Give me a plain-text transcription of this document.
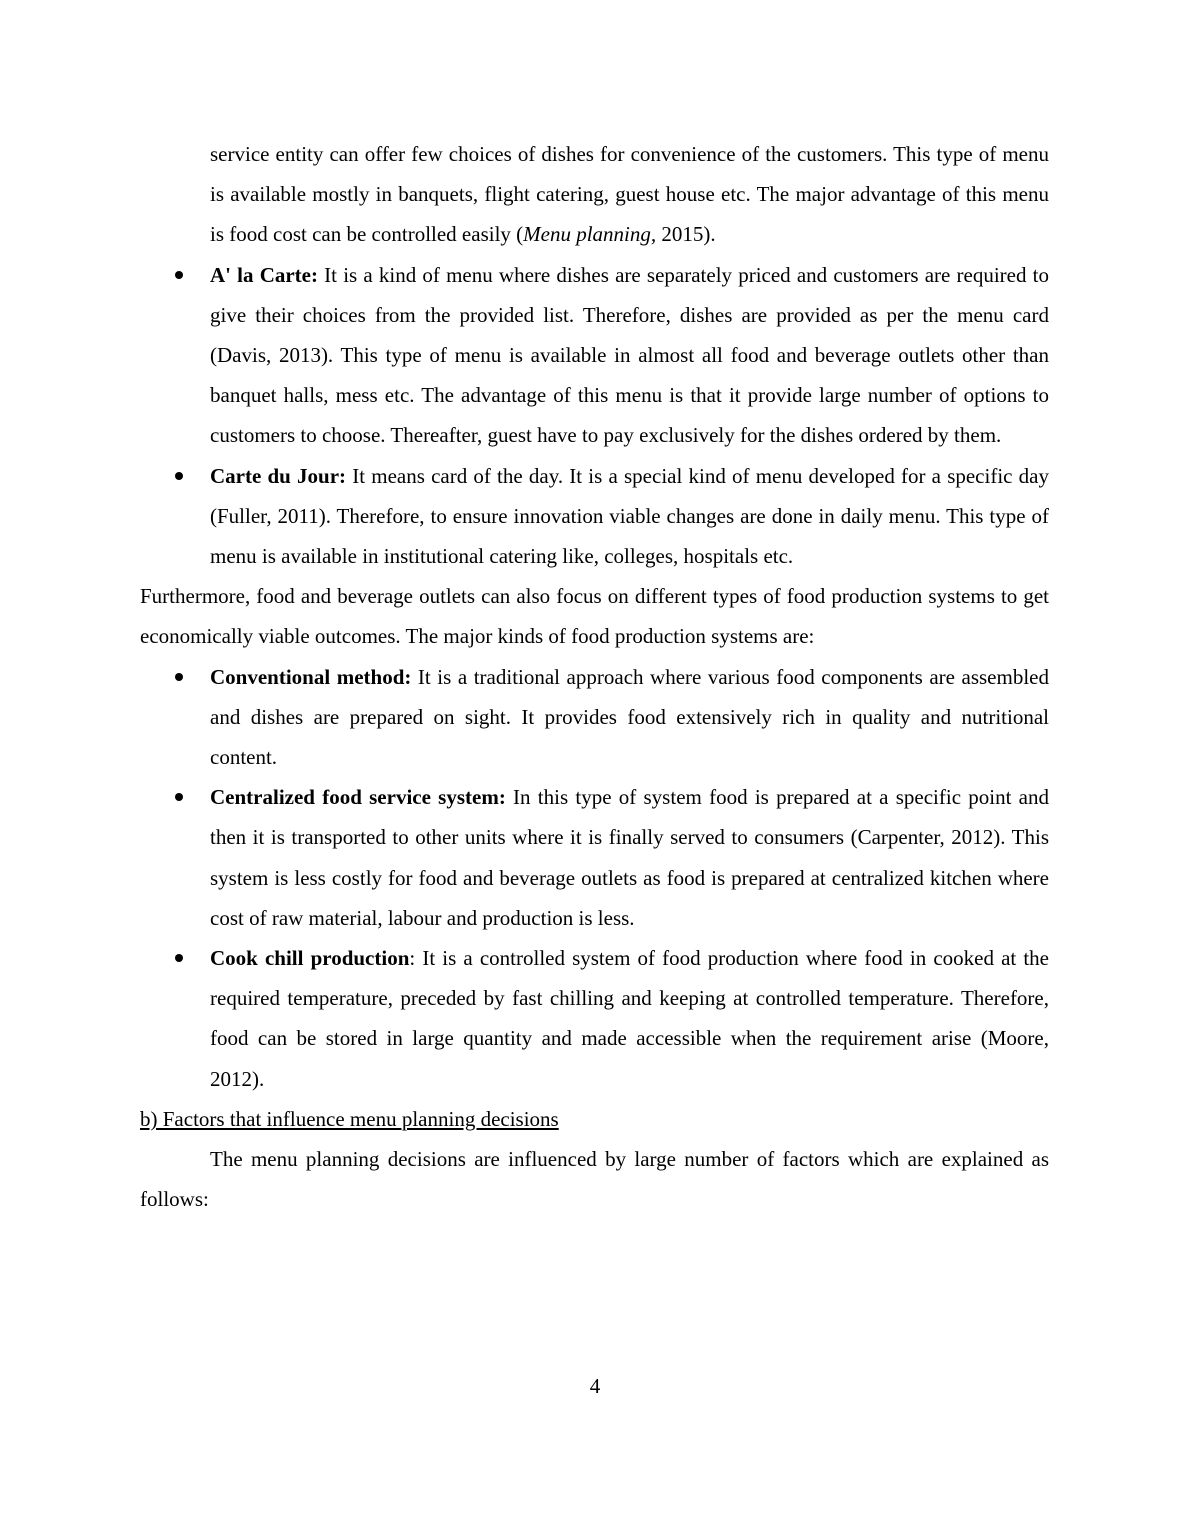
service entity can offer few choices of dishes for convenience of the customers. This type of menu is available mostly in banquets, flight catering, guest house etc. The major advantage of this menu is food cost can be controlled easily (Menu planning, 2015).

A' la Carte: It is a kind of menu where dishes are separately priced and customers are required to give their choices from the provided list. Therefore, dishes are provided as per the menu card (Davis, 2013). This type of menu is available in almost all food and beverage outlets other than banquet halls, mess etc. The advantage of this menu is that it provide large number of options to customers to choose. Thereafter, guest have to pay exclusively for the dishes ordered by them.
Carte du Jour: It means card of the day. It is a special kind of menu developed for a specific day (Fuller, 2011). Therefore, to ensure innovation viable changes are done in daily menu. This type of menu is available in institutional catering like, colleges, hospitals etc.

Furthermore, food and beverage outlets can also focus on different types of food production systems to get economically viable outcomes. The major kinds of food production systems are:

Conventional method: It is a traditional approach where various food components are assembled and dishes are prepared on sight. It provides food extensively rich in quality and nutritional content.
Centralized food service system: In this type of system food is prepared at a specific point and then it is transported to other units where it is finally served to consumers (Carpenter, 2012). This system is less costly for food and beverage outlets as food is prepared at centralized kitchen where cost of raw material, labour and production is less.
Cook chill production: It is a controlled system of food production where food in cooked at the required temperature, preceded by fast chilling and keeping at controlled temperature. Therefore, food can be stored in large quantity and made accessible when the requirement arise (Moore, 2012).

b) Factors that influence menu planning decisions

The menu planning decisions are influenced by large number of factors which are explained as follows:

4
